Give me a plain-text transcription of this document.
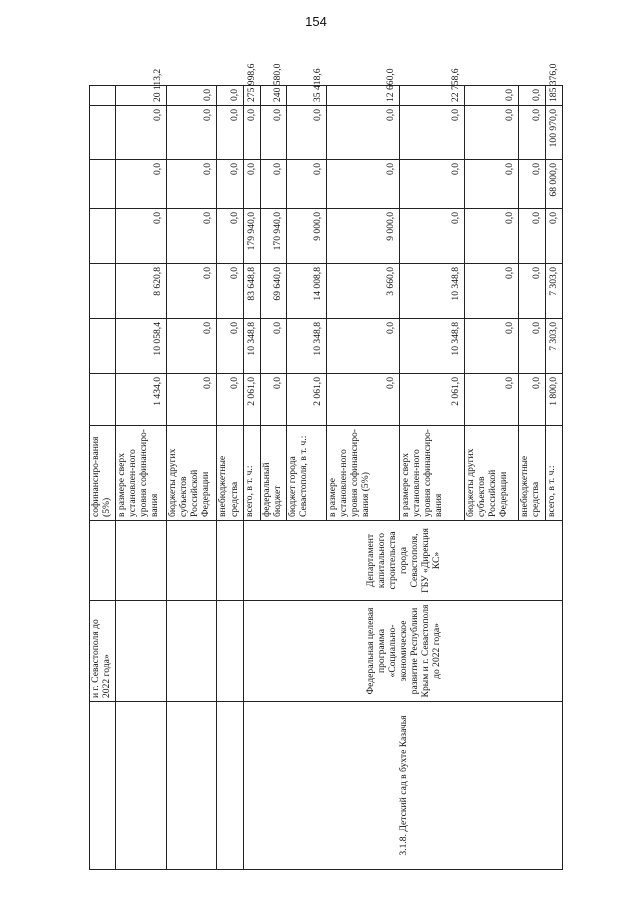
154
	и г. Севастополя до 2022 года»		софинансиро-вания (5%)							
			в размере сверх установлен-ного уровня софинансиро-вания	1 434,0	10 058,4	8 620,8	0,0	0,0	0,0	20 113,2
			бюджеты других субъектов Российской Федерации	0,0	0,0	0,0	0,0	0,0	0,0	0,0
			внебюджетные средства	0,0	0,0	0,0	0,0	0,0	0,0	0,0
3.1.8. Детский сад в бухте Казачья	Федеральная целевая программа «Социально-экономическое развитие Республики Крым и г. Севастополя до 2022 года»	Департамент капитального строительства города Севастополя, ГБУ «Дирекция КС»	всего, в т. ч.:	2 061,0	10 348,8	83 648,8	179 940,0	0,0	0,0	275 998,6
			федеральный бюджет	0,0	0,0	69 640,0	170 940,0	0,0	0,0	240 580,0
			бюджет города Севастополя, в т. ч.:	2 061,0	10 348,8	14 008,8	9 000,0	0,0	0,0	35 418,6
			в размере установлен-ного уровня софинансиро-вания (5%)	0,0	0,0	3 660,0	9 000,0	0,0	0,0	12 660,0
			в размере сверх установлен-ного уровня софинансиро-вания	2 061,0	10 348,8	10 348,8	0,0	0,0	0,0	22 758,6
			бюджеты других субъектов Российской Федерации	0,0	0,0	0,0	0,0	0,0	0,0	0,0
			внебюджетные средства	0,0	0,0	0,0	0,0	0,0	0,0	0,0
			всего, в т. ч.:	1 800,0	7 303,0	7 303,0	0,0	68 000,0	100 970,0	185 376,0
